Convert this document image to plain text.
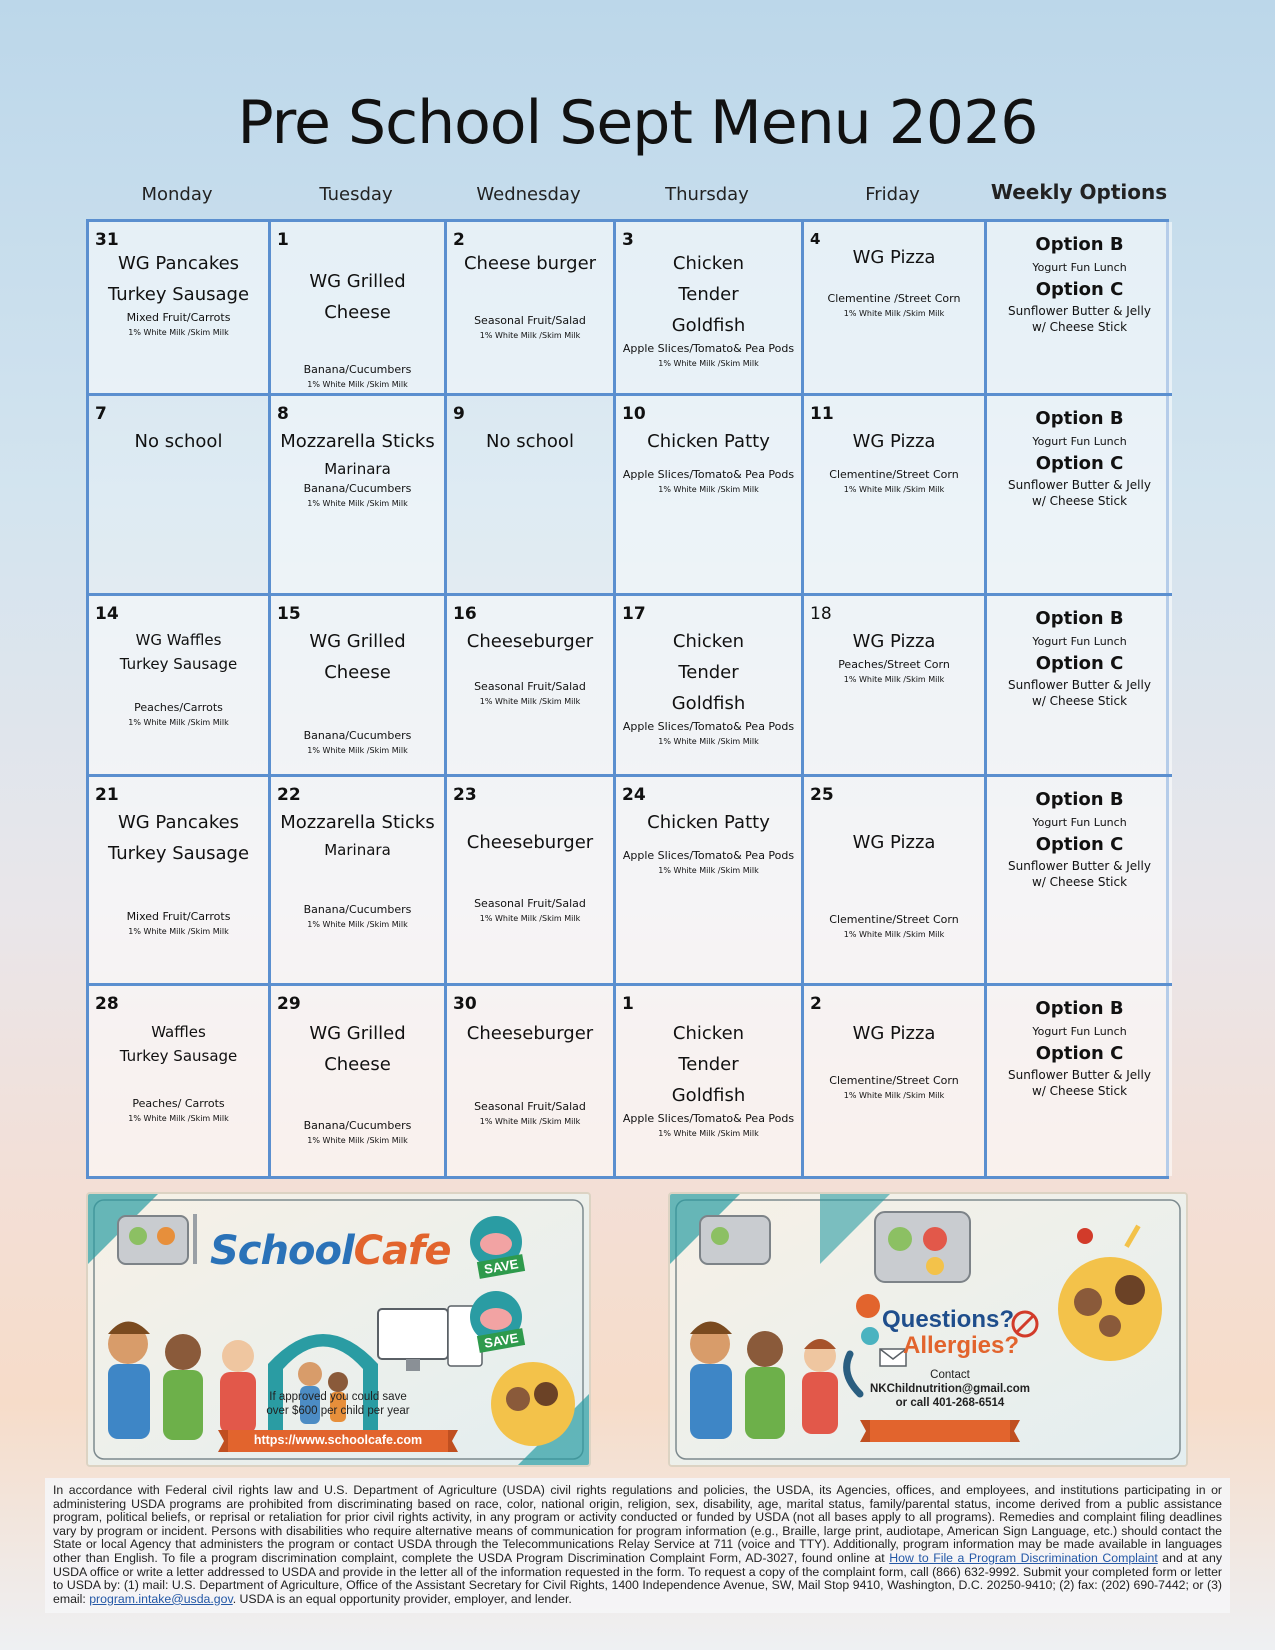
Pre School Sept Menu 2026
Monday	Tuesday	Wednesday	Thursday	Friday	Weekly Options
31
WG Pancakes
Turkey Sausage
Mixed Fruit/Carrots
1% White Milk /Skim Milk
1
WG Grilled
Cheese
Banana/Cucumbers
1% White Milk /Skim Milk
2
Cheese burger
Seasonal Fruit/Salad
1% White Milk /Skim Milk
3
Chicken
Tender
Goldfish
Apple Slices/Tomato& Pea Pods
1% White Milk /Skim Milk
4
WG Pizza
Clementine /Street Corn
1% White Milk /Skim Milk
Option B
Yogurt Fun Lunch
Option C
Sunflower Butter & Jelly
w/ Cheese Stick
7
No school
8
Mozzarella Sticks
Marinara
Banana/Cucumbers
1% White Milk /Skim Milk
9
No school
10
Chicken Patty
Apple Slices/Tomato& Pea Pods
1% White Milk /Skim Milk
11
WG Pizza
Clementine/Street Corn
1% White Milk /Skim Milk
Option B
Yogurt Fun Lunch
Option C
Sunflower Butter & Jelly
w/ Cheese Stick
14
WG Waffles
Turkey Sausage
Peaches/Carrots
1% White Milk /Skim Milk
15
WG Grilled
Cheese
Banana/Cucumbers
1% White Milk /Skim Milk
16
Cheeseburger
Seasonal Fruit/Salad
1% White Milk /Skim Milk
17
Chicken
Tender
Goldfish
Apple Slices/Tomato& Pea Pods
1% White Milk /Skim Milk
18
WG Pizza
Peaches/Street Corn
1% White Milk /Skim Milk
Option B
Yogurt Fun Lunch
Option C
Sunflower Butter & Jelly
w/ Cheese Stick
21
WG Pancakes
Turkey Sausage
Mixed Fruit/Carrots
1% White Milk /Skim Milk
22
Mozzarella Sticks
Marinara
Banana/Cucumbers
1% White Milk /Skim Milk
23
Cheeseburger
Seasonal Fruit/Salad
1% White Milk /Skim Milk
24
Chicken Patty
Apple Slices/Tomato& Pea Pods
1% White Milk /Skim Milk
25
WG Pizza
Clementine/Street Corn
1% White Milk /Skim Milk
Option B
Yogurt Fun Lunch
Option C
Sunflower Butter & Jelly
w/ Cheese Stick
28
Waffles
Turkey Sausage
Peaches/ Carrots
1% White Milk /Skim Milk
29
WG Grilled
Cheese
Banana/Cucumbers
1% White Milk /Skim Milk
30
Cheeseburger
Seasonal Fruit/Salad
1% White Milk /Skim Milk
1
Chicken
Tender
Goldfish
Apple Slices/Tomato& Pea Pods
1% White Milk /Skim Milk
2
WG Pizza
Clementine/Street Corn
1% White Milk /Skim Milk
Option B
Yogurt Fun Lunch
Option C
Sunflower Butter & Jelly
w/ Cheese Stick
SchoolCafe	SAVE
SAVE
If approved you could save
over $600 per child per year
https://www.schoolcafe.com
Questions?
Allergies?
Contact
NKChildnutrition@gmail.com
or call 401-268-6514
In accordance with Federal civil rights law and U.S. Department of Agriculture (USDA) civil rights regulations and policies, the USDA, its Agencies, offices, and employees, and institutions participating in or administering USDA programs are prohibited from discriminating based on race, color, national origin, religion, sex, disability, age, marital status, family/parental status, income derived from a public assistance program, political beliefs, or reprisal or retaliation for prior civil rights activity, in any program or activity conducted or funded by USDA (not all bases apply to all programs). Remedies and complaint filing deadlines vary by program or incident. Persons with disabilities who require alternative means of communication for program information (e.g., Braille, large print, audiotape, American Sign Language, etc.) should contact the State or local Agency that administers the program or contact USDA through the Telecommunications Relay Service at 711 (voice and TTY). Additionally, program information may be made available in languages other than English. To file a program discrimination complaint, complete the USDA Program Discrimination Complaint Form, AD-3027, found online at How to File a Program Discrimination Complaint and at any USDA office or write a letter addressed to USDA and provide in the letter all of the information requested in the form. To request a copy of the complaint form, call (866) 632-9992. Submit your completed form or letter to USDA by: (1) mail: U.S. Department of Agriculture, Office of the Assistant Secretary for Civil Rights, 1400 Independence Avenue, SW, Mail Stop 9410, Washington, D.C. 20250-9410; (2) fax: (202) 690-7442; or (3) email: program.intake@usda.gov. USDA is an equal opportunity provider, employer, and lender.
